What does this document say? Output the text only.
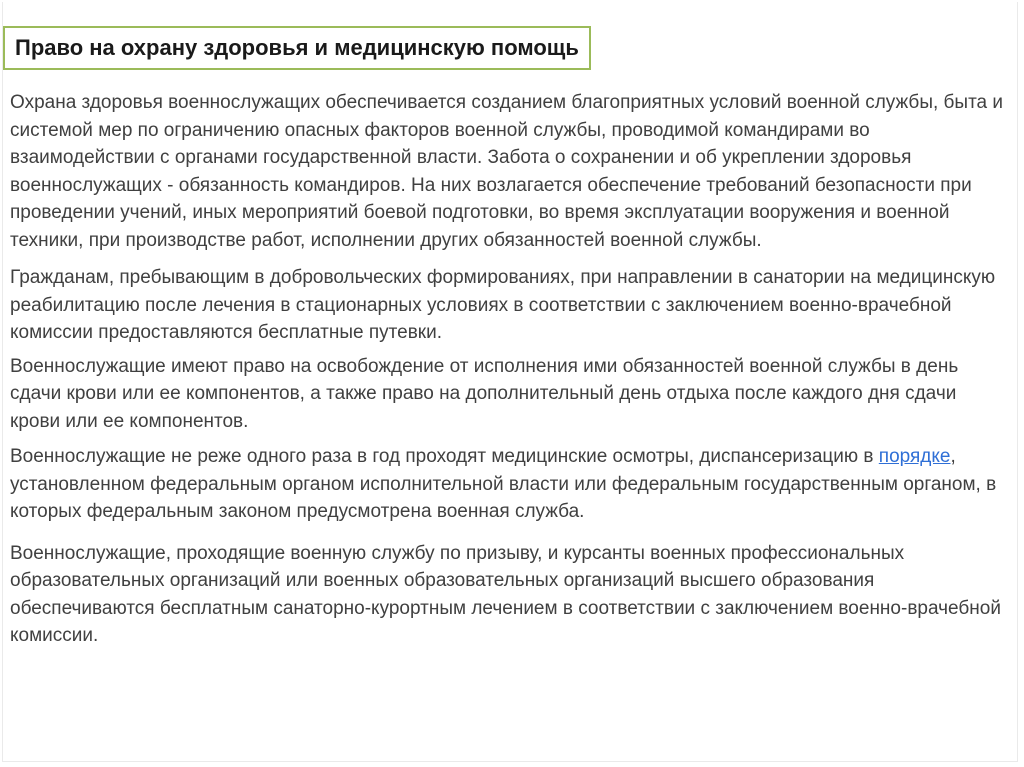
Право на охрану здоровья и медицинскую помощь

Охрана здоровья военнослужащих обеспечивается созданием благоприятных условий военной службы, быта и системой мер по ограничению опасных факторов военной службы, проводимой командирами во взаимодействии с органами государственной власти. Забота о сохранении и об укреплении здоровья военнослужащих - обязанность командиров. На них возлагается обеспечение требований безопасности при проведении учений, иных мероприятий боевой подготовки, во время эксплуатации вооружения и военной техники, при производстве работ, исполнении других обязанностей военной службы.

Гражданам, пребывающим в добровольческих формированиях, при направлении в санатории на медицинскую реабилитацию после лечения в стационарных условиях в соответствии с заключением военно-врачебной комиссии предоставляются бесплатные путевки.

Военнослужащие имеют право на освобождение от исполнения ими обязанностей военной службы в день сдачи крови или ее компонентов, а также право на дополнительный день отдыха после каждого дня сдачи крови или ее компонентов.

Военнослужащие не реже одного раза в год проходят медицинские осмотры, диспансеризацию в порядке, установленном федеральным органом исполнительной власти или федеральным государственным органом, в которых федеральным законом предусмотрена военная служба.

Военнослужащие, проходящие военную службу по призыву, и курсанты военных профессиональных образовательных организаций или военных образовательных организаций высшего образования обеспечиваются бесплатным санаторно-курортным лечением в соответствии с заключением военно-врачебной комиссии.
